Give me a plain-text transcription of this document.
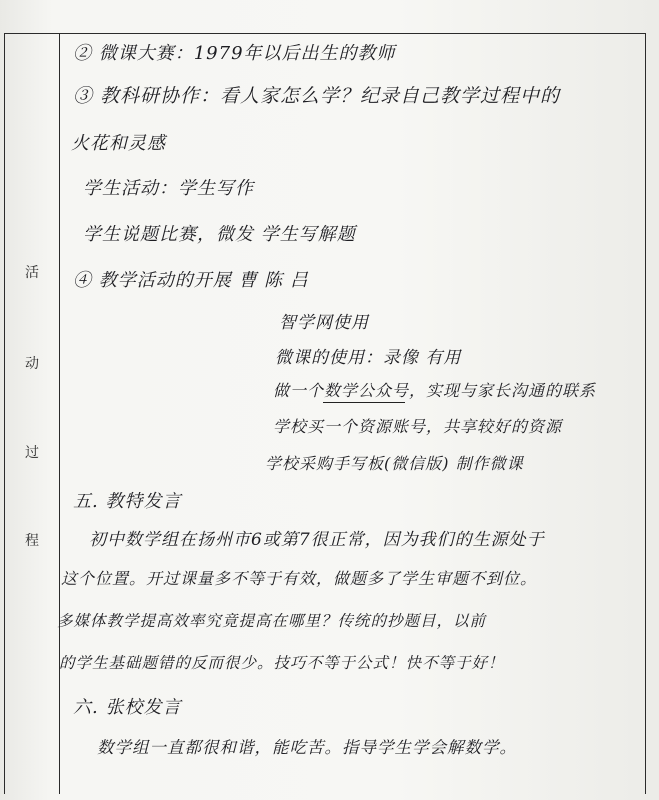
活
动
过
程
② 微课大赛：1979年以后出生的教师
③ 教科研协作：看人家怎么学？纪录自己教学过程中的
火花和灵感
学生活动：学生写作
学生说题比赛，微发 学生写解题
④ 教学活动的开展 曹 陈 吕
智学网使用
微课的使用：录像 有用
做一个数学公众号，实现与家长沟通的联系
学校买一个资源账号，共享较好的资源
学校采购手写板(微信版) 制作微课
五. 教特发言
初中数学组在扬州市6或第7很正常，因为我们的生源处于
这个位置。开过课量多不等于有效，做题多了学生审题不到位。
多媒体教学提高效率究竟提高在哪里？传统的抄题目，以前
的学生基础题错的反而很少。技巧不等于公式！快不等于好！
六. 张校发言
数学组一直都很和谐，能吃苦。指导学生学会解数学。
